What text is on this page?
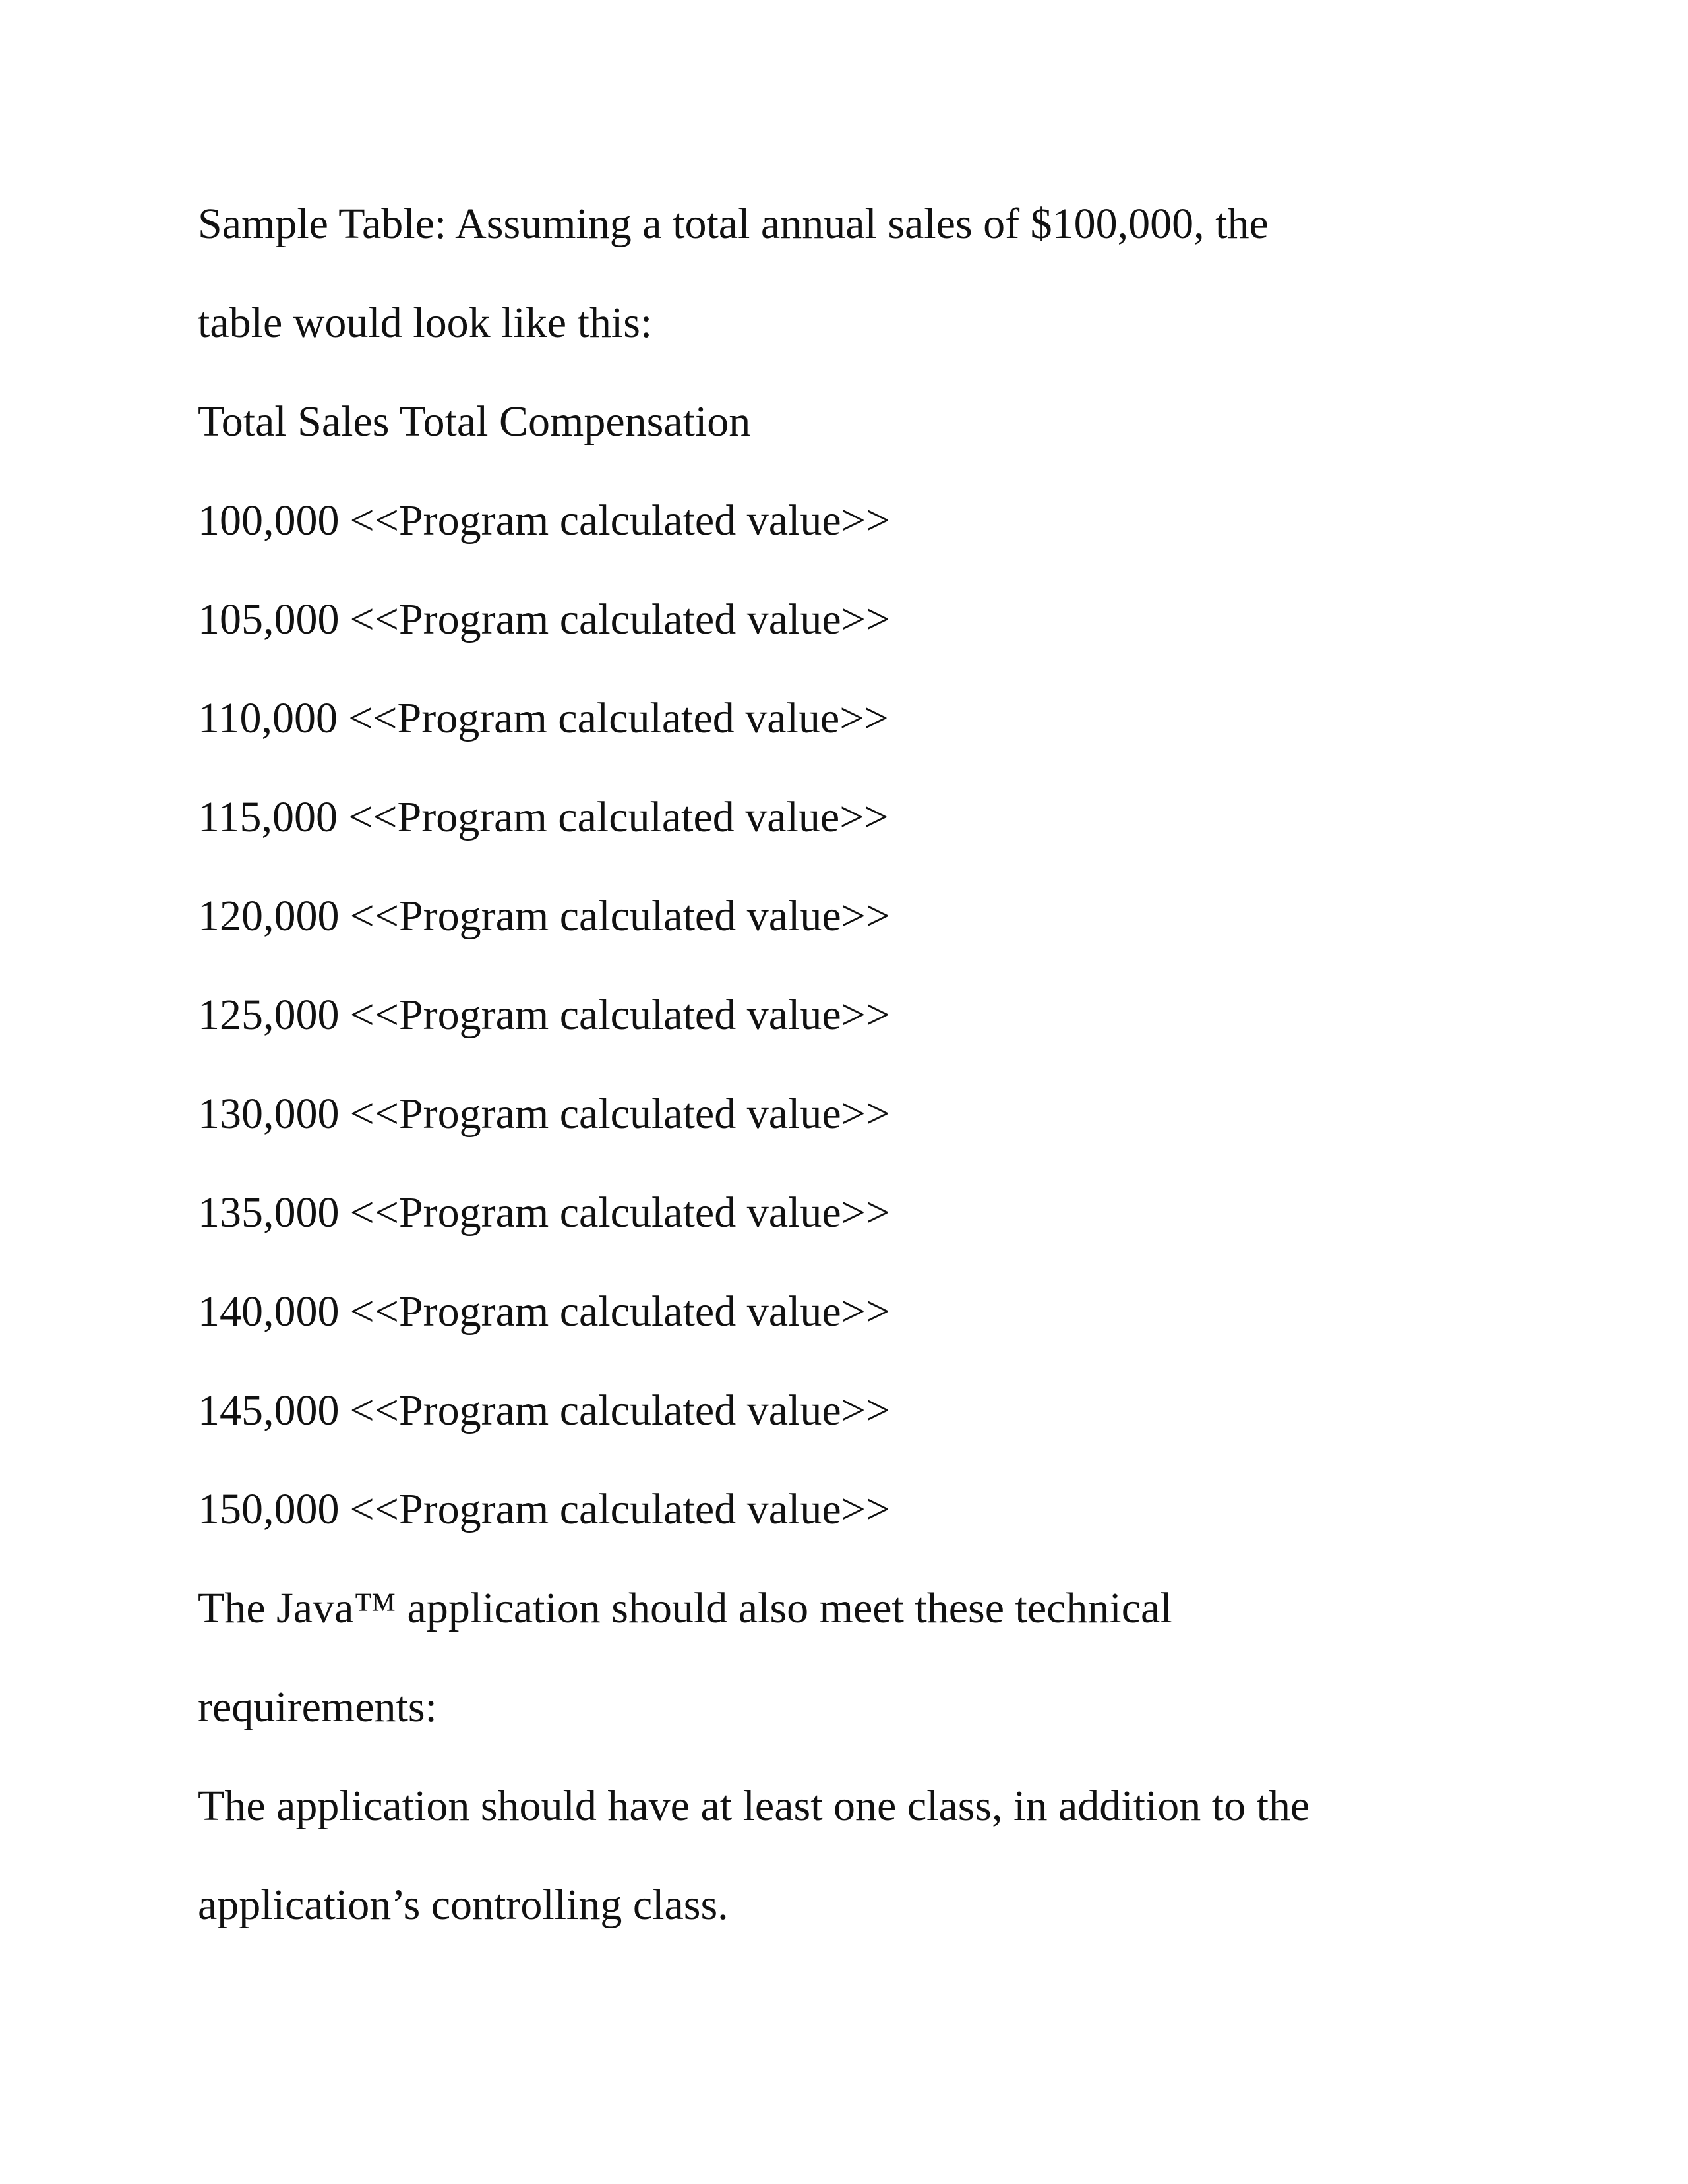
Sample Table: Assuming a total annual sales of $100,000, the

table would look like this:

Total Sales Total Compensation

100,000 <<Program calculated value>>

105,000 <<Program calculated value>>

110,000 <<Program calculated value>>

115,000 <<Program calculated value>>

120,000 <<Program calculated value>>

125,000 <<Program calculated value>>

130,000 <<Program calculated value>>

135,000 <<Program calculated value>>

140,000 <<Program calculated value>>

145,000 <<Program calculated value>>

150,000 <<Program calculated value>>

The Java™ application should also meet these technical

requirements:

The application should have at least one class, in addition to the

application’s controlling class.
